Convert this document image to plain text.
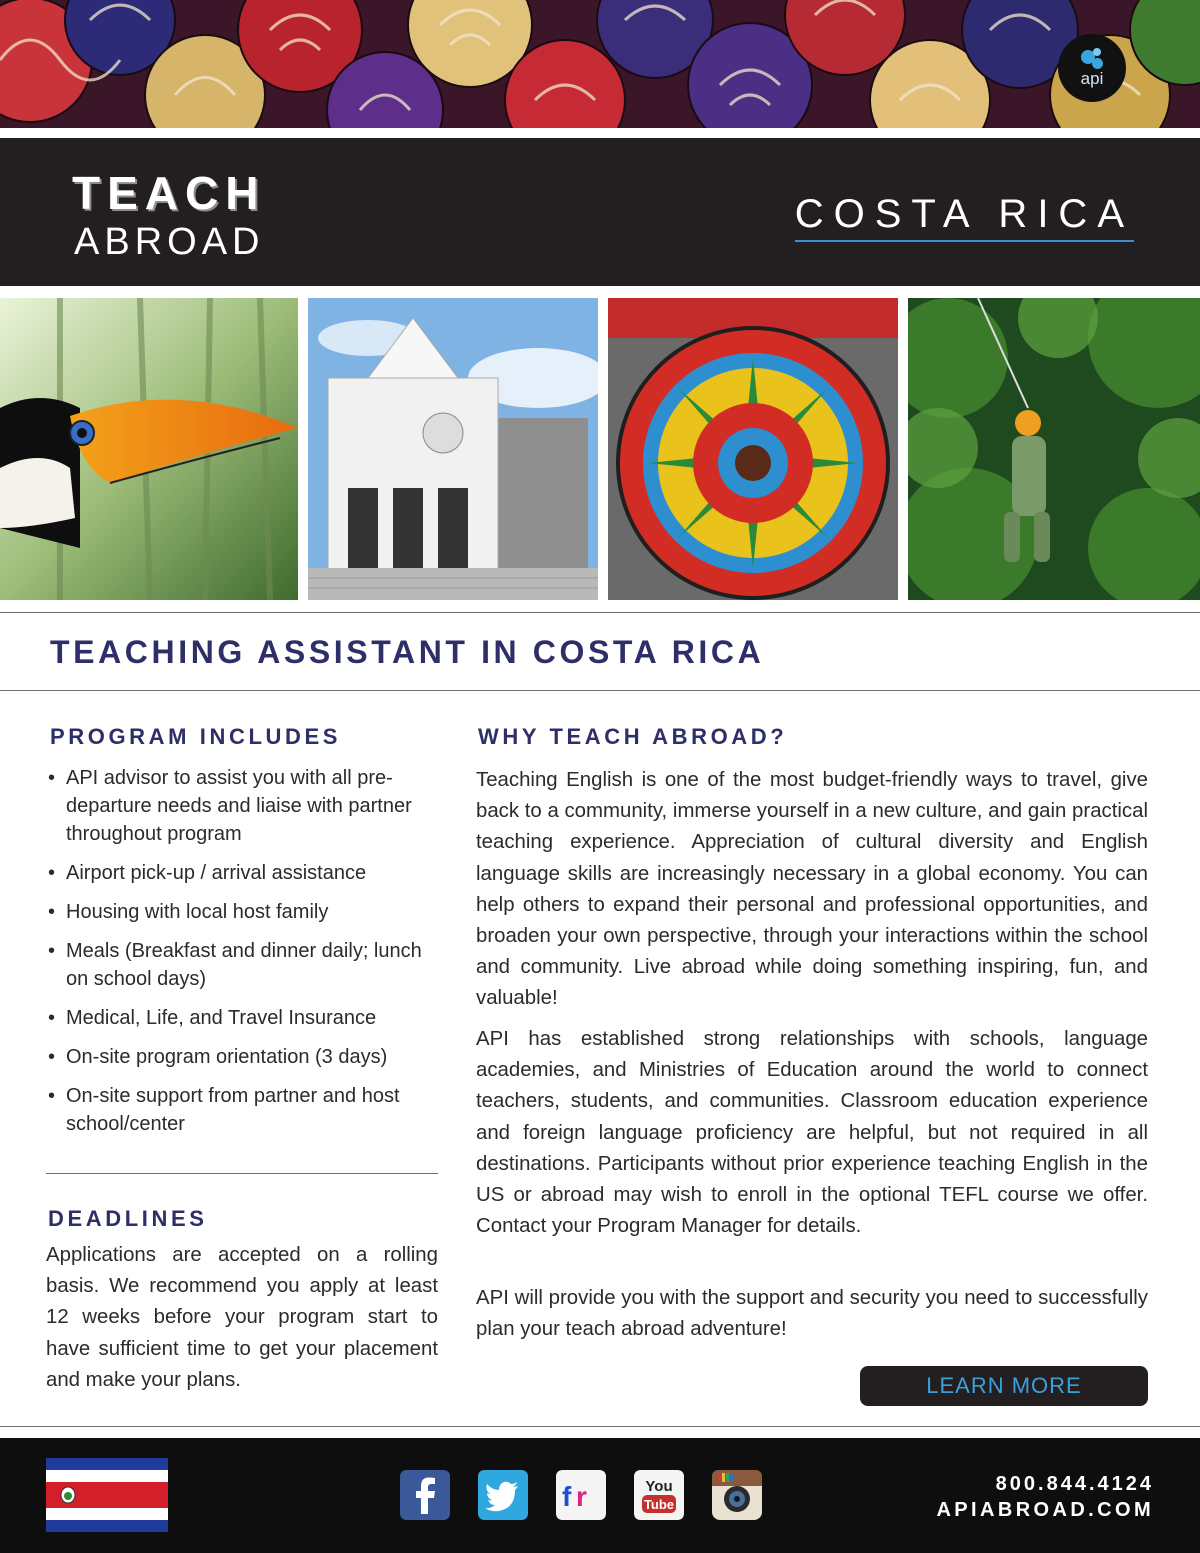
api
TEACH
ABROAD
COSTA RICA
TEACHING ASSISTANT IN COSTA RICA
PROGRAM INCLUDES
• API advisor to assist you with all pre-departure needs and liaise with partner throughout program
• Airport pick-up / arrival assistance
• Housing with local host family
• Meals (Breakfast and dinner daily; lunch on school days)
• Medical, Life, and Travel Insurance
• On-site program orientation (3 days)
• On-site support from partner and host school/center
DEADLINES

Applications are accepted on a rolling basis. We recommend you apply at least 12 weeks before your program start to have sufficient time to get your placement and make your plans.

WHY TEACH ABROAD?

Teaching English is one of the most budget-friendly ways to travel, give back to a community, immerse yourself in a new culture, and gain practical teaching experience. Appreciation of cultural diversity and English language skills are increasingly necessary in a global economy. You can help others to expand their personal and professional opportunities, and broaden your own perspective, through your interactions within the school and community. Live abroad while doing something inspiring, fun, and valuable!

API has established strong relationships with schools, language academies, and Ministries of Education around the world to connect teachers, students, and communities. Classroom education experience and foreign language proficiency are helpful, but not required in all destinations. Participants without prior experience teaching English in the US or abroad may wish to enroll in the optional TEFL course we offer. Contact your Program Manager for details.

API will provide you with the support and security you need to successfully plan your teach abroad adventure!

LEARN MORE
f r	You
Tube
800.844.4124
APIABROAD.COM
